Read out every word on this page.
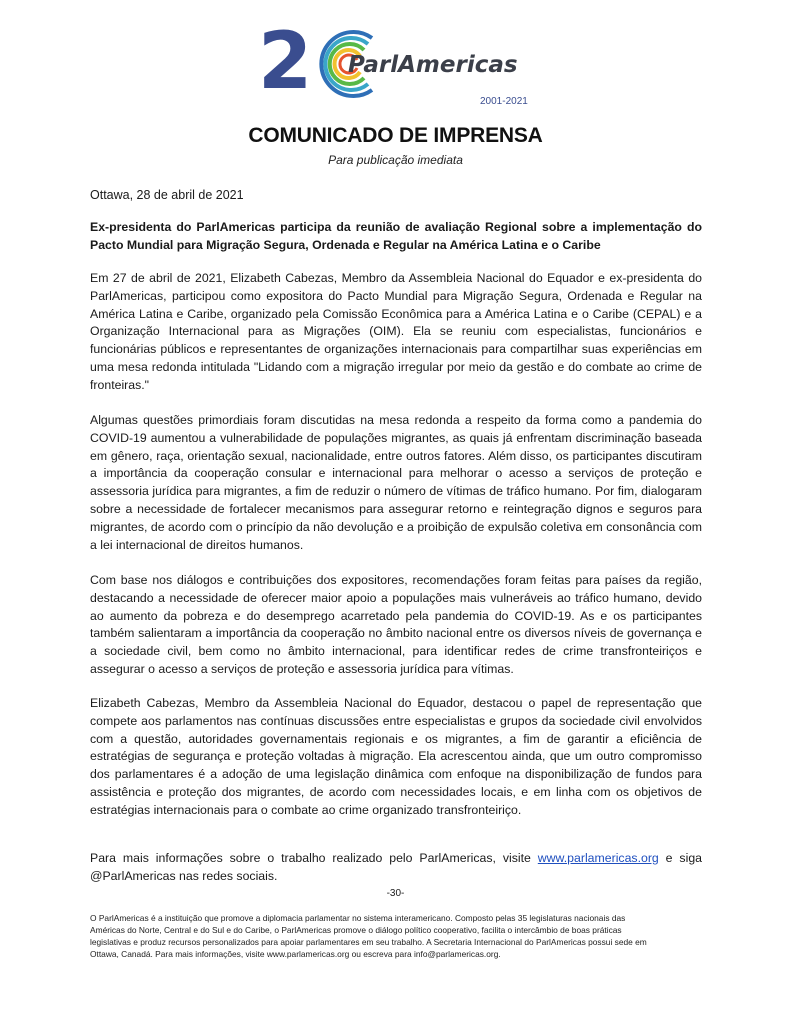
2 ParlAmericas
2001-2021
COMUNICADO DE IMPRENSA
Para publicação imediata
Ottawa, 28 de abril de 2021
Ex-presidenta do ParlAmericas participa da reunião de avaliação Regional sobre a implementação do Pacto Mundial para Migração Segura, Ordenada e Regular na América Latina e o Caribe
Em 27 de abril de 2021, Elizabeth Cabezas, Membro da Assembleia Nacional do Equador e ex-presidenta do ParlAmericas, participou como expositora do Pacto Mundial para Migração Segura, Ordenada e Regular na América Latina e Caribe, organizado pela Comissão Econômica para a América Latina e o Caribe (CEPAL) e a Organização Internacional para as Migrações (OIM). Ela se reuniu com especialistas, funcionários e funcionárias públicos e representantes de organizações internacionais para compartilhar suas experiências em uma mesa redonda intitulada "Lidando com a migração irregular por meio da gestão e do combate ao crime de fronteiras."
Algumas questões primordiais foram discutidas na mesa redonda a respeito da forma como a pandemia do COVID-19 aumentou a vulnerabilidade de populações migrantes, as quais já enfrentam discriminação baseada em gênero, raça, orientação sexual, nacionalidade, entre outros fatores. Além disso, os participantes discutiram a importância da cooperação consular e internacional para melhorar o acesso a serviços de proteção e assessoria jurídica para migrantes, a fim de reduzir o número de vítimas de tráfico humano. Por fim, dialogaram sobre a necessidade de fortalecer mecanismos para assegurar retorno e reintegração dignos e seguros para migrantes, de acordo com o princípio da não devolução e a proibição de expulsão coletiva em consonância com a lei internacional de direitos humanos.
Com base nos diálogos e contribuições dos expositores, recomendações foram feitas para países da região, destacando a necessidade de oferecer maior apoio a populações mais vulneráveis ao tráfico humano, devido ao aumento da pobreza e do desemprego acarretado pela pandemia do COVID-19. As e os participantes também salientaram a importância da cooperação no âmbito nacional entre os diversos níveis de governança e a sociedade civil, bem como no âmbito internacional, para identificar redes de crime transfronteiriços e assegurar o acesso a serviços de proteção e assessoria jurídica para vítimas.
Elizabeth Cabezas, Membro da Assembleia Nacional do Equador, destacou o papel de representação que compete aos parlamentos nas contínuas discussões entre especialistas e grupos da sociedade civil envolvidos com a questão, autoridades governamentais regionais e os migrantes, a fim de garantir a eficiência de estratégias de segurança e proteção voltadas à migração. Ela acrescentou ainda, que um outro compromisso dos parlamentares é a adoção de uma legislação dinâmica com enfoque na disponibilização de fundos para assistência e proteção dos migrantes, de acordo com necessidades locais, e em linha com os objetivos de estratégias internacionais para o combate ao crime organizado transfronteiriço.
Para mais informações sobre o trabalho realizado pelo ParlAmericas, visite www.parlamericas.org e siga @ParlAmericas nas redes sociais.
-30-
O ParlAmericas é a instituição que promove a diplomacia parlamentar no sistema interamericano. Composto pelas 35 legislaturas nacionais das Américas do Norte, Central e do Sul e do Caribe, o ParlAmericas promove o diálogo político cooperativo, facilita o intercâmbio de boas práticas legislativas e produz recursos personalizados para apoiar parlamentares em seu trabalho. A Secretaria Internacional do ParlAmericas possui sede em Ottawa, Canadá. Para mais informações, visite www.parlamericas.org ou escreva para info@parlamericas.org.
